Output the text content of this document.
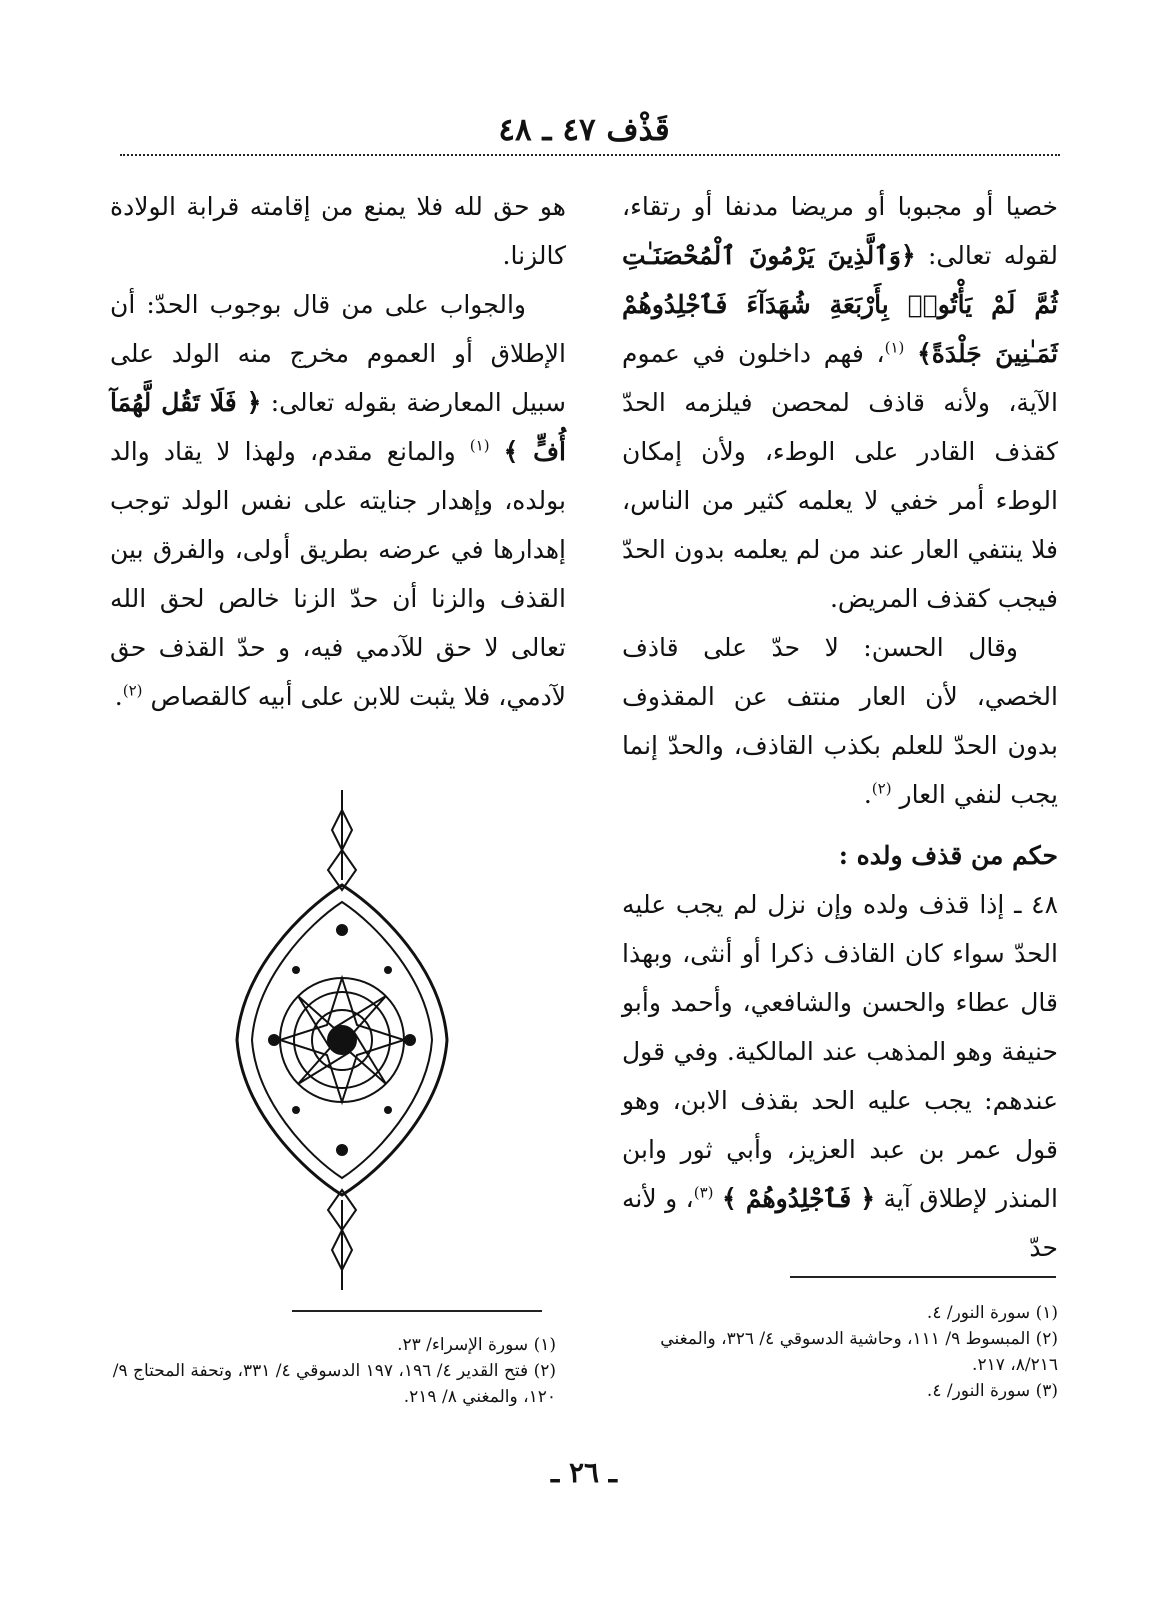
قَذْف ٤٧ ـ ٤٨

خصيا أو مجبوبا أو مريضا مدنفا أو رتقاء، لقوله تعالى: ﴿وَٱلَّذِينَ يَرْمُونَ ٱلْمُحْصَنَـٰتِ ثُمَّ لَمْ يَأْتُوا۟ بِأَرْبَعَةِ شُهَدَآءَ فَٱجْلِدُوهُمْ ثَمَـٰنِينَ جَلْدَةً﴾ $^{(١)}$، فهم داخلون في عموم الآية، ولأنه قاذف لمحصن فيلزمه الحدّ كقذف القادر على الوطء، ولأن إمكان الوطء أمر خفي لا يعلمه كثير من الناس، فلا ينتفي العار عند من لم يعلمه بدون الحدّ فيجب كقذف المريض.

وقال الحسن: لا حدّ على قاذف الخصي، لأن العار منتف عن المقذوف بدون الحدّ للعلم بكذب القاذف، والحدّ إنما يجب لنفي العار $^{(٢)}$.

حكم من قذف ولده :

٤٨ ـ إذا قذف ولده وإن نزل لم يجب عليه الحدّ سواء كان القاذف ذكرا أو أنثى، وبهذا قال عطاء والحسن والشافعي، وأحمد وأبو حنيفة وهو المذهب عند المالكية. وفي قول عندهم: يجب عليه الحد بقذف الابن، وهو قول عمر بن عبد العزيز، وأبي ثور وابن المنذر لإطلاق آية ﴿ فَٱجْلِدُوهُمْ ﴾ $^{(٣)}$، و لأنه حدّ

هو حق لله فلا يمنع من إقامته قرابة الولادة كالزنا.

والجواب على من قال بوجوب الحدّ: أن الإطلاق أو العموم مخرج منه الولد على سبيل المعارضة بقوله تعالى: ﴿ فَلَا تَقُل لَّهُمَآ أُفٍّ ﴾ $^{(١)}$ والمانع مقدم، ولهذا لا يقاد والد بولده، وإهدار جنايته على نفس الولد توجب إهدارها في عرضه بطريق أولى، والفرق بين القذف والزنا أن حدّ الزنا خالص لحق الله تعالى لا حق للآدمي فيه، و حدّ القذف حق لآدمي، فلا يثبت للابن على أبيه كالقصاص $^{(٢)}$.

(١) سورة النور/ ٤.
(٢) المبسوط ٩/ ١١١، وحاشية الدسوقي ٤/ ٣٢٦، والمغني ٨/٢١٦، ٢١٧.
(٣) سورة النور/ ٤.
(١) سورة الإسراء/ ٢٣.
(٢) فتح القدير ٤/ ١٩٦، ١٩٧ الدسوقي ٤/ ٣٣١، وتحفة المحتاج ٩/ ١٢٠، والمغني ٨/ ٢١٩.
ـ ٢٦ ـ
